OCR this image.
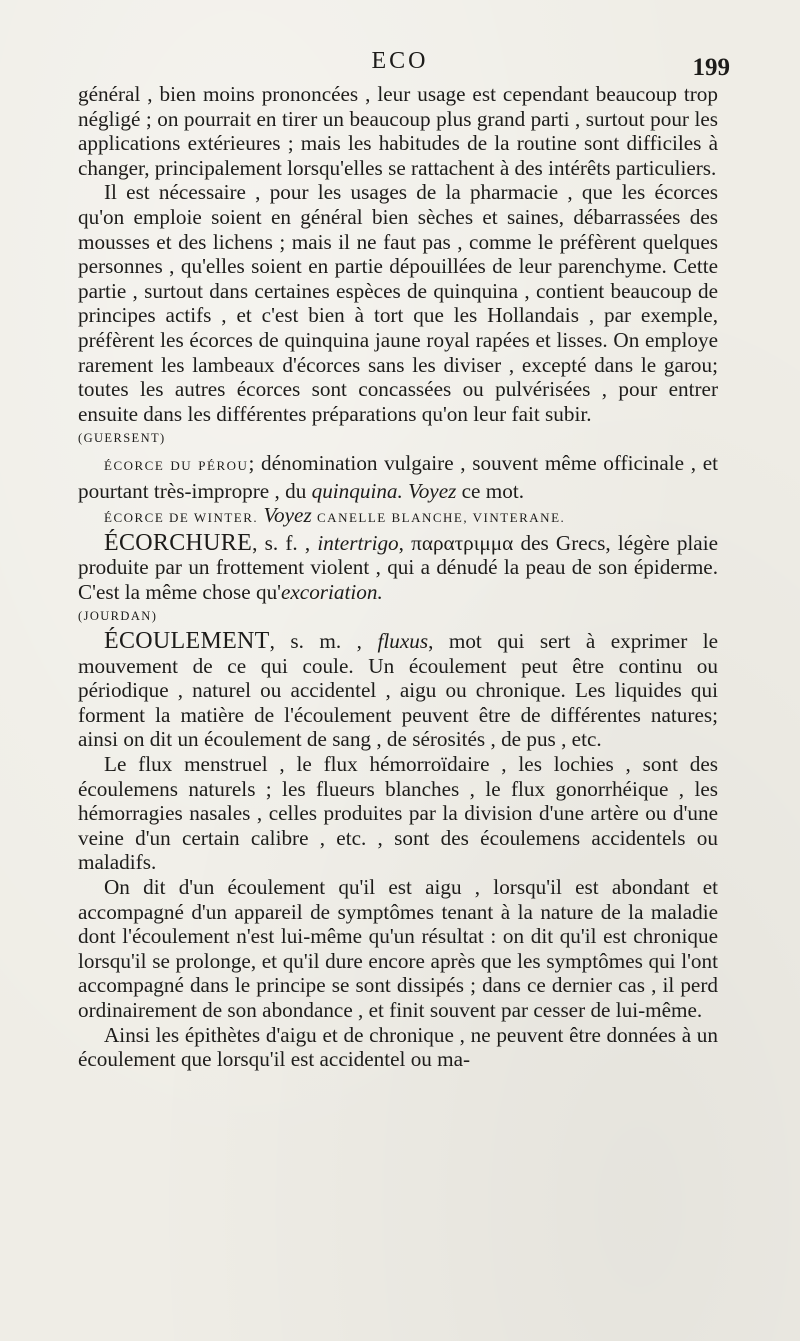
ECO	199

général , bien moins prononcées , leur usage est cependant beaucoup trop négligé ; on pourrait en tirer un beaucoup plus grand parti , surtout pour les applications extérieures ; mais les habitudes de la routine sont difficiles à changer, principalement lorsqu'elles se rattachent à des intérêts particuliers.

Il est nécessaire , pour les usages de la pharmacie , que les écorces qu'on emploie soient en général bien sèches et saines, débarrassées des mousses et des lichens ; mais il ne faut pas , comme le préfèrent quelques personnes , qu'elles soient en partie dépouillées de leur parenchyme. Cette partie , surtout dans certaines espèces de quinquina , contient beaucoup de principes actifs , et c'est bien à tort que les Hollandais , par exemple, préfèrent les écorces de quinquina jaune royal rapées et lisses. On employe rarement les lambeaux d'écorces sans les diviser , excepté dans le garou; toutes les autres écorces sont concassées ou pulvérisées , pour entrer ensuite dans les différentes préparations qu'on leur fait subir.

(GUERSENT)

ÉCORCE DU PÉROU; dénomination vulgaire , souvent même officinale , et pourtant très-impropre , du quinquina. Voyez ce mot.

ÉCORCE DE WINTER. Voyez CANELLE BLANCHE, VINTERANE.

ÉCORCHURE, s. f. , intertrigo, παρατριμμα des Grecs, légère plaie produite par un frottement violent , qui a dénudé la peau de son épiderme. C'est la même chose qu'excoriation.

(JOURDAN)

ÉCOULEMENT, s. m. , fluxus, mot qui sert à exprimer le mouvement de ce qui coule. Un écoulement peut être continu ou périodique , naturel ou accidentel , aigu ou chronique. Les liquides qui forment la matière de l'écoulement peuvent être de différentes natures; ainsi on dit un écoulement de sang , de sérosités , de pus , etc.

Le flux menstruel , le flux hémorroïdaire , les lochies , sont des écoulemens naturels ; les flueurs blanches , le flux gonorrhéique , les hémorragies nasales , celles produites par la division d'une artère ou d'une veine d'un certain calibre , etc. , sont des écoulemens accidentels ou maladifs.

On dit d'un écoulement qu'il est aigu , lorsqu'il est abondant et accompagné d'un appareil de symptômes tenant à la nature de la maladie dont l'écoulement n'est lui-même qu'un résultat : on dit qu'il est chronique lorsqu'il se prolonge, et qu'il dure encore après que les symptômes qui l'ont accompagné dans le principe se sont dissipés ; dans ce dernier cas , il perd ordinairement de son abondance , et finit souvent par cesser de lui-même.

Ainsi les épithètes d'aigu et de chronique , ne peuvent être données à un écoulement que lorsqu'il est accidentel ou ma-
